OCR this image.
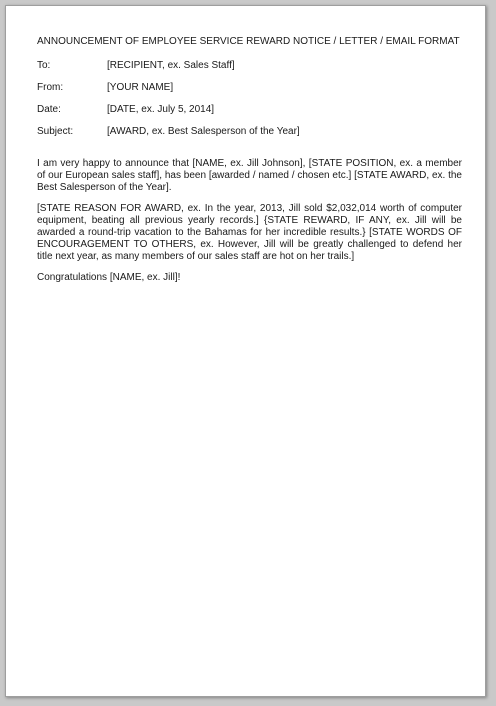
ANNOUNCEMENT OF EMPLOYEE SERVICE REWARD NOTICE / LETTER / EMAIL FORMAT
To:	[RECIPIENT, ex. Sales Staff]
From:	[YOUR NAME]
Date:	[DATE, ex. July 5, 2014]
Subject:	[AWARD, ex. Best Salesperson of the Year]

I am very happy to announce that [NAME, ex. Jill Johnson], [STATE POSITION, ex. a member of our European sales staff], has been [awarded / named / chosen etc.] [STATE AWARD, ex. the Best Salesperson of the Year].

[STATE REASON FOR AWARD, ex. In the year, 2013, Jill sold $2,032,014 worth of computer equipment, beating all previous yearly records.] {STATE REWARD, IF ANY, ex. Jill will be awarded a round-trip vacation to the Bahamas for her incredible results.} [STATE WORDS OF ENCOURAGEMENT TO OTHERS, ex. However, Jill will be greatly challenged to defend her title next year, as many members of our sales staff are hot on her trails.]

Congratulations [NAME, ex. Jill]!
